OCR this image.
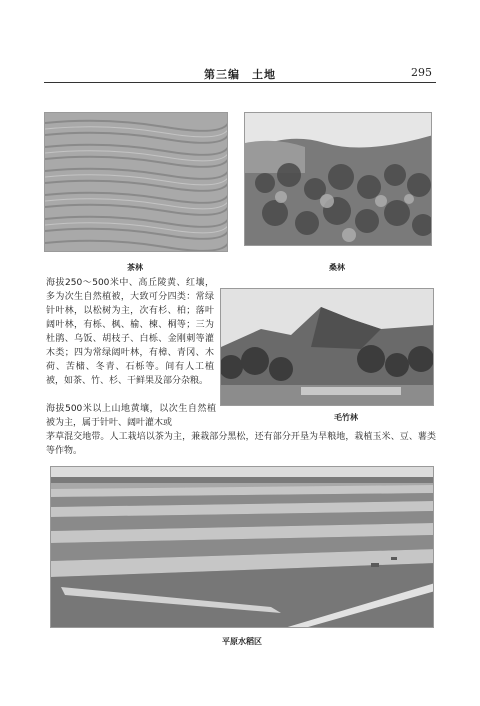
第三编　土地	295
茶林	桑林
海拔250～500米中、高丘陵黄、红壤，多为次生自然植被，大致可分四类：常绿针叶林，以松树为主，次有杉、柏；落叶阔叶林，有栎、枫、榆、楝、桐等；三为杜鹃、乌饭、胡枝子、白栎、金刚刺等灌木类；四为常绿阔叶林，有樟、青冈、木荷、苦槠、冬青、石栎等。间有人工植被，如茶、竹、杉、干鲜果及部分杂粮。
毛竹林
海拔500米以上山地黄壤，以次生自然植被为主，属于针叶、阔叶灌木或
茅草混交地带。人工栽培以茶为主，兼栽部分黑松，还有部分开垦为旱粮地，栽植玉米、豆、薯类等作物。
平原水稻区
